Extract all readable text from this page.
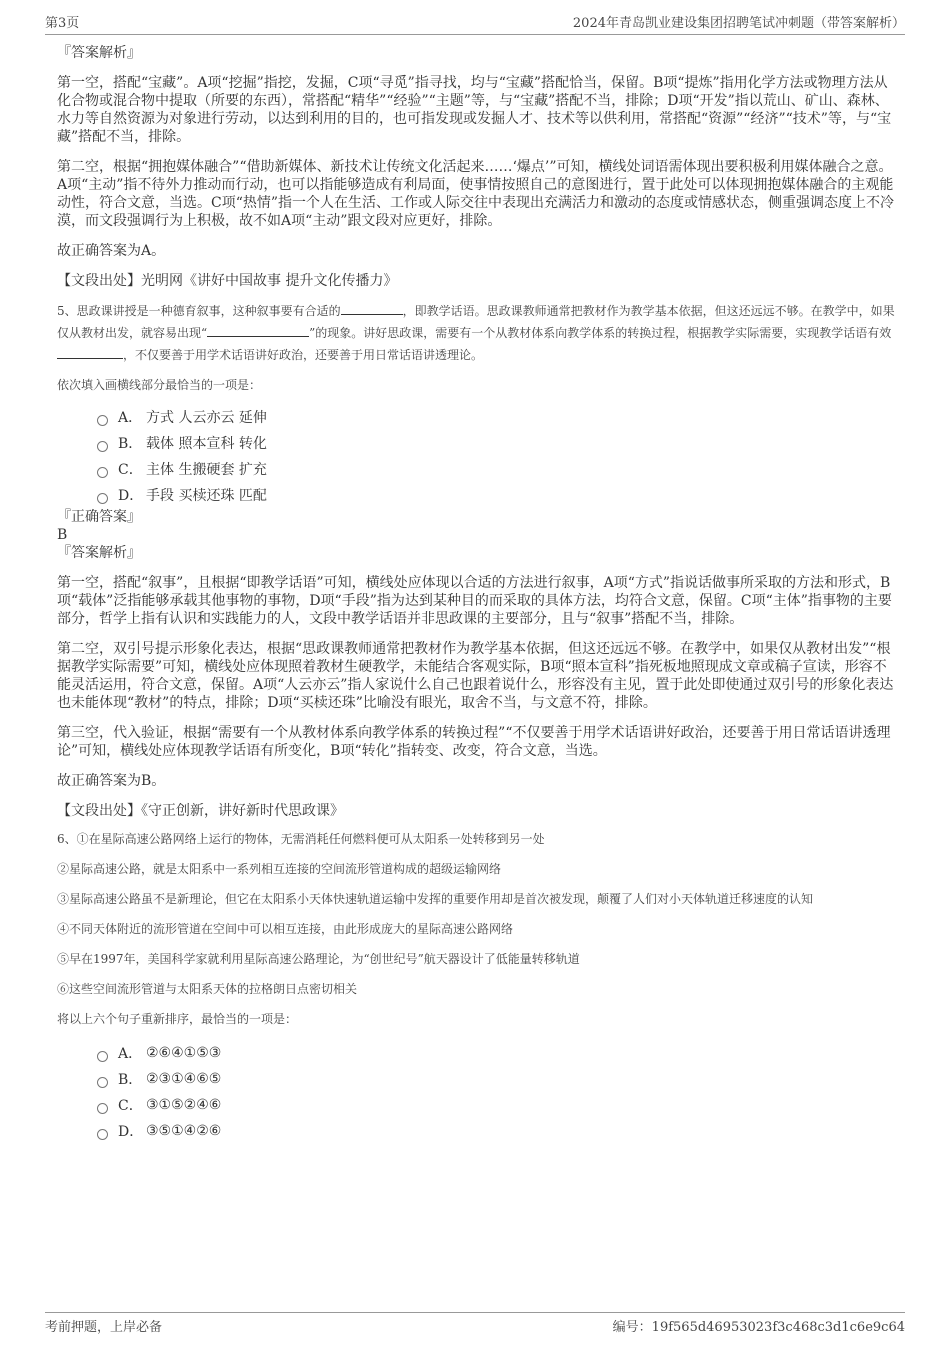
第3页	2024年青岛凯业建设集团招聘笔试冲刺题（带答案解析）

『答案解析』

第一空，搭配“宝藏”。A项“挖掘”指挖，发掘，C项“寻觅”指寻找，均与“宝藏”搭配恰当，保留。B项“提炼”指用化学方法或物理方法从化合物或混合物中提取（所要的东西），常搭配“精华”“经验”“主题”等，与“宝藏”搭配不当，排除；D项“开发”指以荒山、矿山、森林、水力等自然资源为对象进行劳动，以达到利用的目的，也可指发现或发掘人才、技术等以供利用，常搭配“资源”“经济”“技术”等，与“宝藏”搭配不当，排除。

第二空，根据“拥抱媒体融合”“借助新媒体、新技术让传统文化活起来……‘爆点’”可知，横线处词语需体现出要积极利用媒体融合之意。A项“主动”指不待外力推动而行动，也可以指能够造成有利局面，使事情按照自己的意图进行，置于此处可以体现拥抱媒体融合的主观能动性，符合文意，当选。C项“热情”指一个人在生活、工作或人际交往中表现出充满活力和激动的态度或情感状态，侧重强调态度上不冷漠，而文段强调行为上积极，故不如A项“主动”跟文段对应更好，排除。

故正确答案为A。

【文段出处】光明网《讲好中国故事 提升文化传播力》

5、思政课讲授是一种德育叙事，这种叙事要有合适的	，即教学话语。思政课教师通常把教材作为教学基本依据，但这还远远不够。在教学中，如果仅从教材出发，就容易出现“	”的现象。讲好思政课，需要有一个从教材体系向教学体系的转换过程，根据教学实际需要，实现教学话语有效，不仅要善于用学术话语讲好政治，还要善于用日常话语讲透理论。

依次填入画横线部分最恰当的一项是：

A． 方式 人云亦云 延伸
B． 载体 照本宣科 转化
C． 主体 生搬硬套 扩充
D． 手段 买椟还珠 匹配

『正确答案』

B

『答案解析』

第一空，搭配“叙事”，且根据“即教学话语”可知，横线处应体现以合适的方法进行叙事，A项“方式”指说话做事所采取的方法和形式，B项“载体”泛指能够承载其他事物的事物，D项“手段”指为达到某种目的而采取的具体方法，均符合文意，保留。C项“主体”指事物的主要部分，哲学上指有认识和实践能力的人，文段中教学话语并非思政课的主要部分，且与“叙事”搭配不当，排除。

第二空，双引号提示形象化表达，根据“思政课教师通常把教材作为教学基本依据，但这还远远不够。在教学中，如果仅从教材出发”“根据教学实际需要”可知，横线处应体现照着教材生硬教学，未能结合客观实际，B项“照本宣科”指死板地照现成文章或稿子宣读，形容不能灵活运用，符合文意，保留。A项“人云亦云”指人家说什么自己也跟着说什么，形容没有主见，置于此处即使通过双引号的形象化表达也未能体现“教材”的特点，排除；D项“买椟还珠”比喻没有眼光，取舍不当，与文意不符，排除。

第三空，代入验证，根据“需要有一个从教材体系向教学体系的转换过程”“不仅要善于用学术话语讲好政治，还要善于用日常话语讲透理论”可知，横线处应体现教学话语有所变化，B项“转化”指转变、改变，符合文意，当选。

故正确答案为B。

【文段出处】《守正创新，讲好新时代思政课》

6、①在星际高速公路网络上运行的物体，无需消耗任何燃料便可从太阳系一处转移到另一处

②星际高速公路，就是太阳系中一系列相互连接的空间流形管道构成的超级运输网络

③星际高速公路虽不是新理论，但它在太阳系小天体快速轨道运输中发挥的重要作用却是首次被发现，颠覆了人们对小天体轨道迁移速度的认知

④不同天体附近的流形管道在空间中可以相互连接，由此形成庞大的星际高速公路网络

⑤早在1997年，美国科学家就利用星际高速公路理论，为“创世纪号”航天器设计了低能量转移轨道

⑥这些空间流形管道与太阳系天体的拉格朗日点密切相关

将以上六个句子重新排序，最恰当的一项是：

A． ②⑥④①⑤③
B． ②③①④⑥⑤
C． ③①⑤②④⑥
D． ③⑤①④②⑥
考前押题，上岸必备	编号：19f565d46953023f3c468c3d1c6e9c64
